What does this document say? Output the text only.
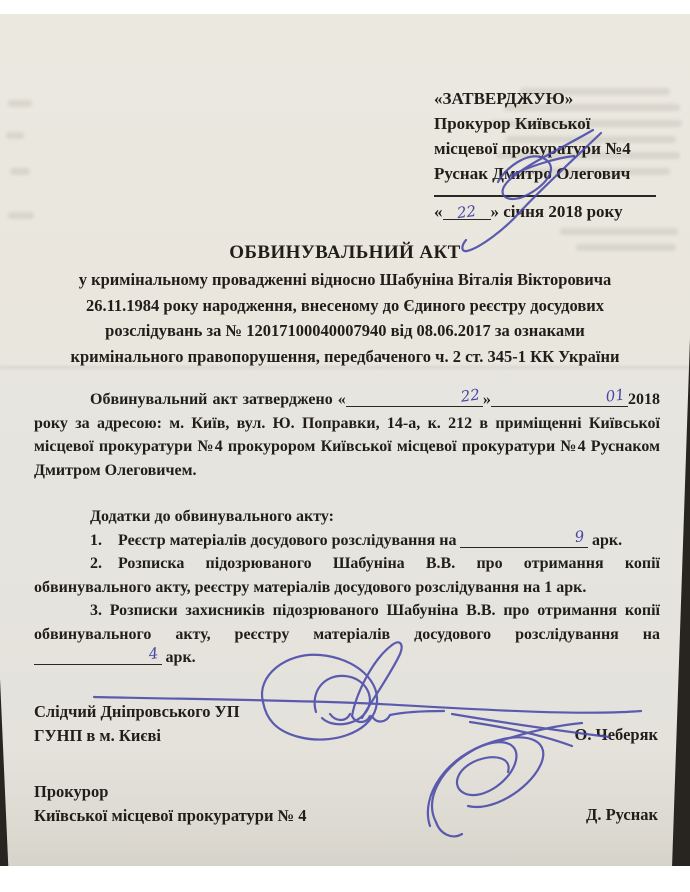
«ЗАТВЕРДЖУЮ»
Прокурор Київської
місцевої прокуратури №4
Руснак Дмитро Олегович
« 22 » січня 2018 року
ОБВИНУВАЛЬНИЙ АКТ
у кримінальному провадженні відносно Шабуніна Віталія Вікторовича
26.11.1984 року народження, внесеному до Єдиного реєстру досудових
розслідувань за № 12017100040007940 від 08.06.2017 за ознаками
кримінального правопорушення, передбаченого ч. 2 ст. 345-1 КК України

Обвинувальний акт затверджено «	22 »	01 2018 року за адресою: м. Київ, вул. Ю. Поправки, 14-а, к. 212 в приміщенні Київської місцевої прокуратури №4 прокурором Київської місцевої прокуратури №4 Руснаком Дмитром Олеговичем.

Додатки до обвинувального акту:

1.  Реєстр матеріалів досудового розслідування на	9 арк.

2.  Розписка підозрюваного Шабуніна В.В. про отримання копії обвинувального акту, реєстру матеріалів досудового розслідування на 1 арк.

3. Розписки захисників підозрюваного Шабуніна В.В. про отримання копії обвинувального акту, реєстру матеріалів досудового розслідування на 4 арк.

Слідчий Дніпровського УП
ГУНП в м. Києві	О. Чеберяк
Прокурор
Київської місцевої прокуратури № 4	Д. Руснак
